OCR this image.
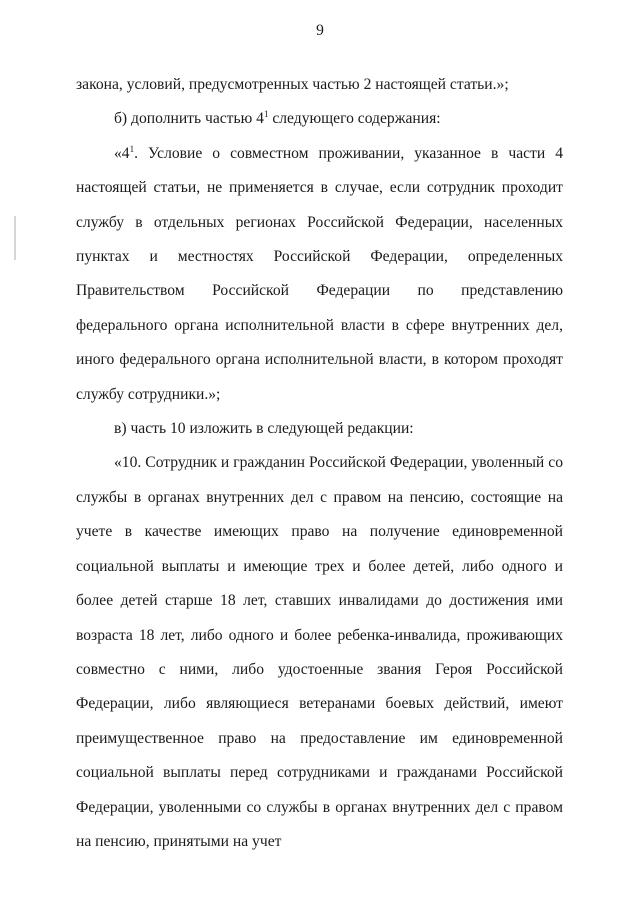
9

закона, условий, предусмотренных частью 2 настоящей статьи.»;

б) дополнить частью $4^1$ следующего содержания:

«$4^1$. Условие о совместном проживании, указанное в части 4 настоящей статьи, не применяется в случае, если сотрудник проходит службу в отдельных регионах Российской Федерации, населенных пунктах и местностях Российской Федерации, определенных Правительством Российской Федерации по представлению федерального органа исполнительной власти в сфере внутренних дел, иного федерального органа исполнительной власти, в котором проходят службу сотрудники.»;

в) часть 10 изложить в следующей редакции:

«10. Сотрудник и гражданин Российской Федерации, уволенный со службы в органах внутренних дел с правом на пенсию, состоящие на учете в качестве имеющих право на получение единовременной социальной выплаты и имеющие трех и более детей, либо одного и более детей старше 18 лет, ставших инвалидами до достижения ими возраста 18 лет, либо одного и более ребенка-инвалида, проживающих совместно с ними, либо удостоенные звания Героя Российской Федерации, либо являющиеся ветеранами боевых действий, имеют преимущественное право на предоставление им единовременной социальной выплаты перед сотрудниками и гражданами Российской Федерации, уволенными со службы в органах внутренних дел с правом на пенсию, принятыми на учет
